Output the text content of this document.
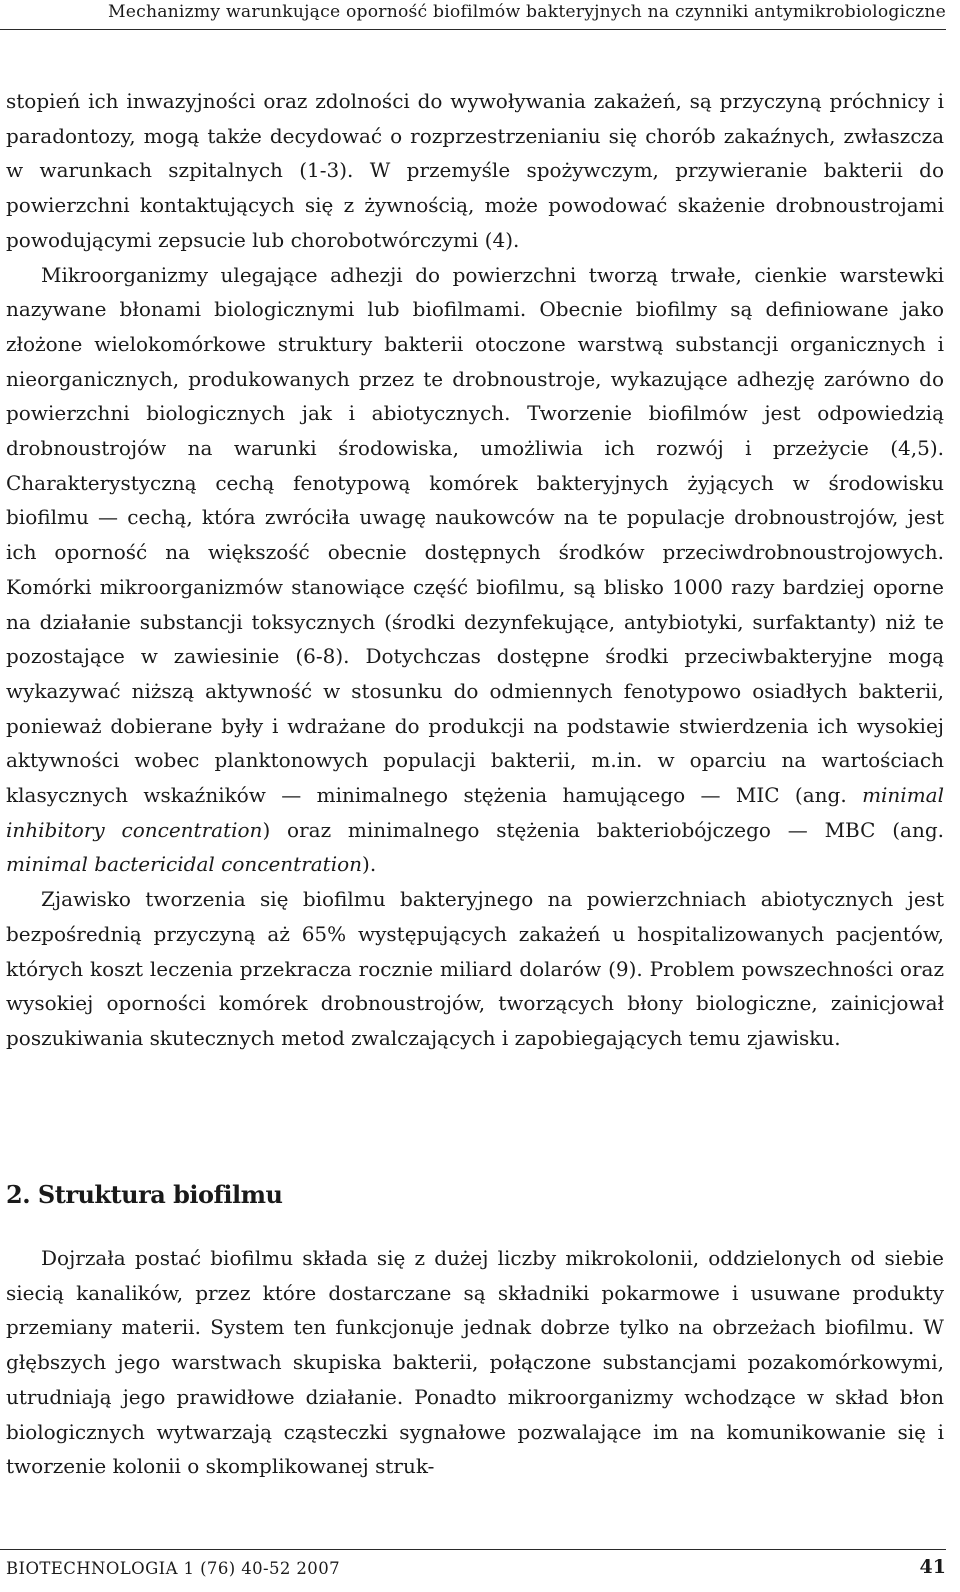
Mechanizmy warunkujące oporność biofilmów bakteryjnych na czynniki antymikrobiologiczne

stopień ich inwazyjności oraz zdolności do wywoływania zakażeń, są przyczyną próchnicy i paradontozy, mogą także decydować o rozprzestrzenianiu się chorób zakaźnych, zwłaszcza w warunkach szpitalnych (1-3). W przemyśle spożywczym, przywieranie bakterii do powierzchni kontaktujących się z żywnością, może powodować skażenie drobnoustrojami powodującymi zepsucie lub chorobotwórczymi (4).

Mikroorganizmy ulegające adhezji do powierzchni tworzą trwałe, cienkie warstewki nazywane błonami biologicznymi lub biofilmami. Obecnie biofilmy są definiowane jako złożone wielokomórkowe struktury bakterii otoczone warstwą substancji organicznych i nieorganicznych, produkowanych przez te drobnoustroje, wykazujące adhezję zarówno do powierzchni biologicznych jak i abiotycznych. Tworzenie biofilmów jest odpowiedzią drobnoustrojów na warunki środowiska, umożliwia ich rozwój i przeżycie (4,5). Charakterystyczną cechą fenotypową komórek bakteryjnych żyjących w środowisku biofilmu — cechą, która zwróciła uwagę naukowców na te populacje drobnoustrojów, jest ich oporność na większość obecnie dostępnych środków przeciwdrobnoustrojowych. Komórki mikroorganizmów stanowiące część biofilmu, są blisko 1000 razy bardziej oporne na działanie substancji toksycznych (środki dezynfekujące, antybiotyki, surfaktanty) niż te pozostające w zawiesinie (6-8). Dotychczas dostępne środki przeciwbakteryjne mogą wykazywać niższą aktywność w stosunku do odmiennych fenotypowo osiadłych bakterii, ponieważ dobierane były i wdrażane do produkcji na podstawie stwierdzenia ich wysokiej aktywności wobec planktonowych populacji bakterii, m.in. w oparciu na wartościach klasycznych wskaźników — minimalnego stężenia hamującego — MIC (ang. minimal inhibitory concentration) oraz minimalnego stężenia bakteriobójczego — MBC (ang. minimal bactericidal concentration).

Zjawisko tworzenia się biofilmu bakteryjnego na powierzchniach abiotycznych jest bezpośrednią przyczyną aż 65% występujących zakażeń u hospitalizowanych pacjentów, których koszt leczenia przekracza rocznie miliard dolarów (9). Problem powszechności oraz wysokiej oporności komórek drobnoustrojów, tworzących błony biologiczne, zainicjował poszukiwania skutecznych metod zwalczających i zapobiegających temu zjawisku.

2. Struktura biofilmu

Dojrzała postać biofilmu składa się z dużej liczby mikrokolonii, oddzielonych od siebie siecią kanalików, przez które dostarczane są składniki pokarmowe i usuwane produkty przemiany materii. System ten funkcjonuje jednak dobrze tylko na obrzeżach biofilmu. W głębszych jego warstwach skupiska bakterii, połączone substancjami pozakomórkowymi, utrudniają jego prawidłowe działanie. Ponadto mikroorganizmy wchodzące w skład błon biologicznych wytwarzają cząsteczki sygnałowe pozwalające im na komunikowanie się i tworzenie kolonii o skomplikowanej struk-

BIOTECHNOLOGIA 1 (76) 40-52 2007	41
